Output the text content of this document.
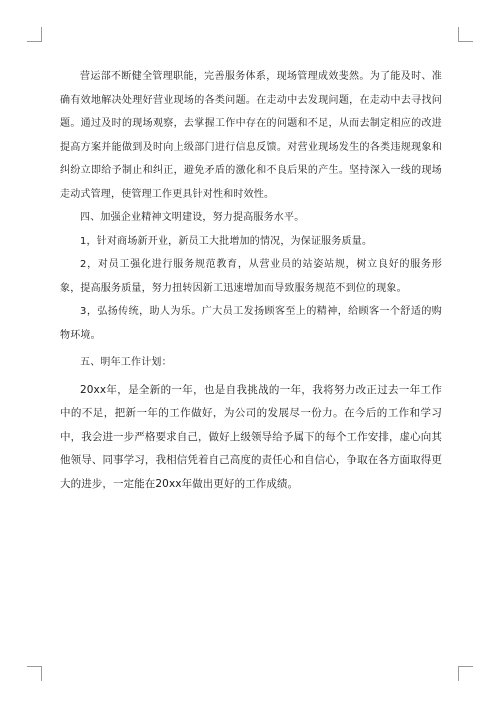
营运部不断健全管理职能，完善服务体系，现场管理成效斐然。为了能及时、准确有效地解决处理好营业现场的各类问题。在走动中去发现问题，在走动中去寻找问题。通过及时的现场观察，去掌握工作中存在的问题和不足，从而去制定相应的改进提高方案并能做到及时向上级部门进行信息反馈。对营业现场发生的各类违规现象和纠纷立即给予制止和纠正，避免矛盾的激化和不良后果的产生。坚持深入一线的现场走动式管理，使管理工作更具针对性和时效性。

四、加强企业精神文明建设，努力提高服务水平。

1，针对商场新开业，新员工大批增加的情况，为保证服务质量。

2，对员工强化进行服务规范教育，从营业员的站姿站规，树立良好的服务形象，提高服务质量，努力扭转因新工迅速增加而导致服务规范不到位的现象。

3，弘扬传统，助人为乐。广大员工发扬顾客至上的精神，给顾客一个舒适的购物环境。

五、明年工作计划：

20xx年，是全新的一年，也是自我挑战的一年，我将努力改正过去一年工作中的不足，把新一年的工作做好，为公司的发展尽一份力。在今后的工作和学习中，我会进一步严格要求自己，做好上级领导给予属下的每个工作安排，虚心向其他领导、同事学习，我相信凭着自己高度的责任心和自信心，争取在各方面取得更大的进步，一定能在20xx年做出更好的工作成绩。
